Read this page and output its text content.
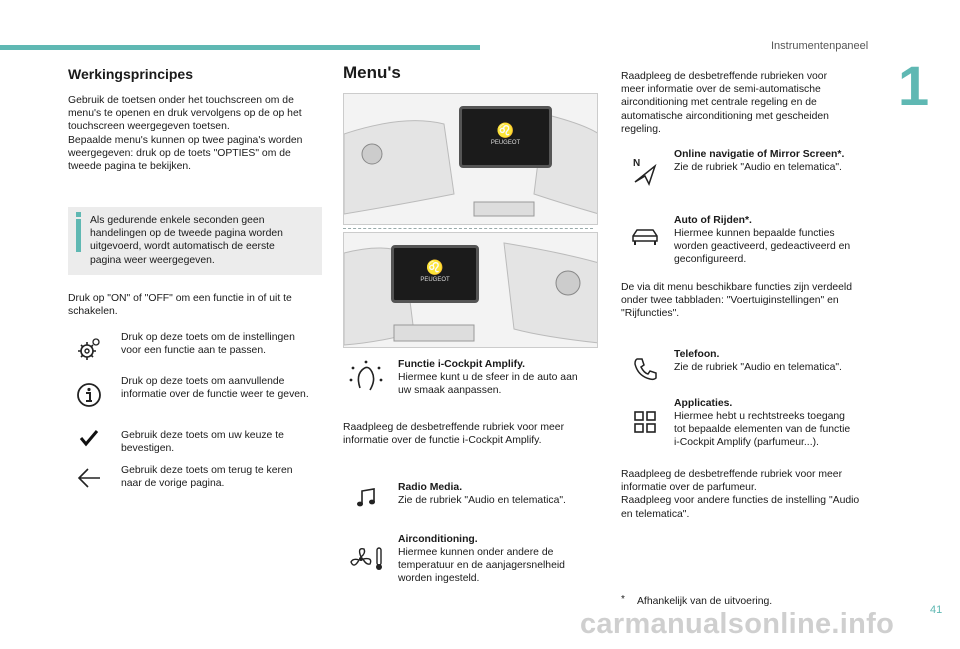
Instrumentenpaneel
1
Werkingsprincipes
Gebruik de toetsen onder het touchscreen om de
menu's te openen en druk vervolgens op de op het
touchscreen weergegeven toetsen.
Bepaalde menu's kunnen op twee pagina's worden
weergegeven: druk op de toets "OPTIES" om de
tweede pagina te bekijken.
Als gedurende enkele seconden geen
handelingen op de tweede pagina worden
uitgevoerd, wordt automatisch de eerste
pagina weer weergegeven.
Druk op "ON" of "OFF" om een functie in of uit te
schakelen.
Druk op deze toets om de instellingen
voor een functie aan te passen.
Druk op deze toets om aanvullende
informatie over de functie weer te geven.
Gebruik deze toets om uw keuze te
bevestigen.
Gebruik deze toets om terug te keren
naar de vorige pagina.
Menu's
♌
PEUGEOT
♌
PEUGEOT
Functie i-Cockpit Amplify.
Hiermee kunt u de sfeer in de auto aan
uw smaak aanpassen.
Raadpleeg de desbetreffende rubriek voor meer
informatie over de functie i-Cockpit Amplify.
Radio Media.
Zie de rubriek "Audio en telematica".
Airconditioning.
Hiermee kunnen onder andere de
temperatuur en de aanjagersnelheid
worden ingesteld.
Raadpleeg de desbetreffende rubrieken voor
meer informatie over de semi-automatische
airconditioning met centrale regeling en de
automatische airconditioning met gescheiden
regeling.
N
Online navigatie of Mirror Screen*.
Zie de rubriek "Audio en telematica".
Auto of Rijden*.
Hiermee kunnen bepaalde functies
worden geactiveerd, gedeactiveerd en
geconfigureerd.
De via dit menu beschikbare functies zijn verdeeld
onder twee tabbladen: "Voertuiginstellingen" en
"Rijfuncties".
Telefoon.
Zie de rubriek "Audio en telematica".
Applicaties.
Hiermee hebt u rechtstreeks toegang
tot bepaalde elementen van de functie
i-Cockpit Amplify (parfumeur...).
Raadpleeg de desbetreffende rubriek voor meer
informatie over de parfumeur.
Raadpleeg voor andere functies de instelling "Audio
en telematica".
* Afhankelijk van de uitvoering.
41
carmanualsonline.info
